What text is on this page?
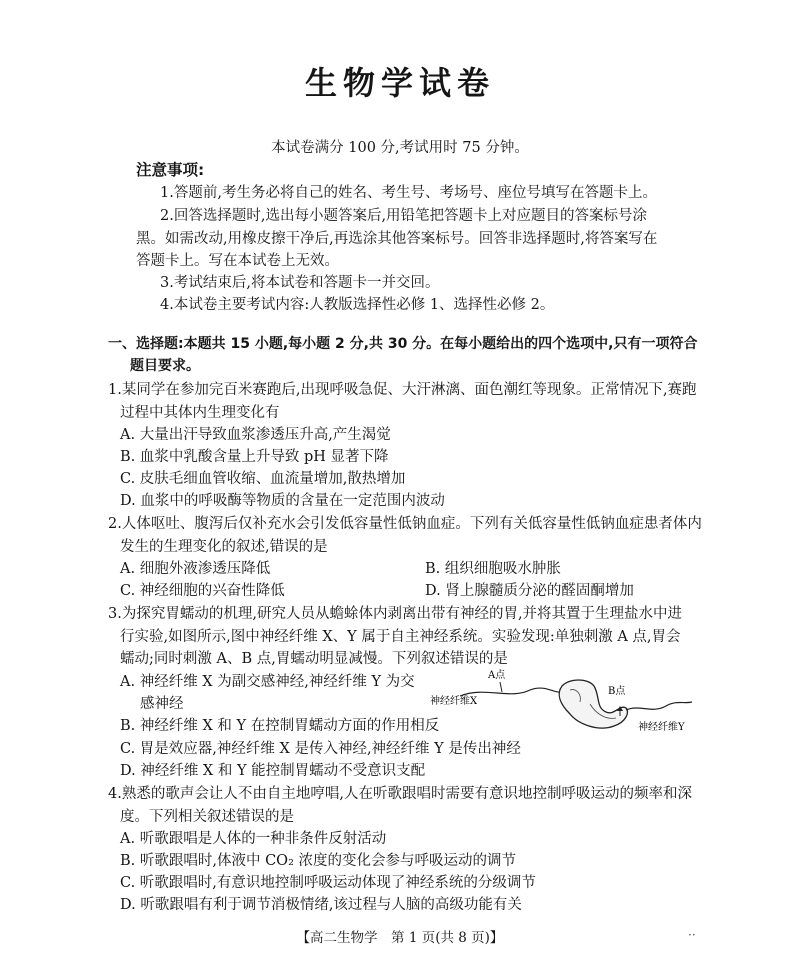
生物学试卷
本试卷满分 100 分,考试用时 75 分钟。
注意事项:
1.答题前,考生务必将自己的姓名、考生号、考场号、座位号填写在答题卡上。
2.回答选择题时,选出每小题答案后,用铅笔把答题卡上对应题目的答案标号涂
黑。如需改动,用橡皮擦干净后,再选涂其他答案标号。回答非选择题时,将答案写在
答题卡上。写在本试卷上无效。
3.考试结束后,将本试卷和答题卡一并交回。
4.本试卷主要考试内容:人教版选择性必修 1、选择性必修 2。
一、选择题:本题共 15 小题,每小题 2 分,共 30 分。在每小题给出的四个选项中,只有一项符合
题目要求。
1.某同学在参加完百米赛跑后,出现呼吸急促、大汗淋漓、面色潮红等现象。正常情况下,赛跑
过程中其体内生理变化有
A. 大量出汗导致血浆渗透压升高,产生渴觉
B. 血浆中乳酸含量上升导致 pH 显著下降
C. 皮肤毛细血管收缩、血流量增加,散热增加
D. 血浆中的呼吸酶等物质的含量在一定范围内波动
2.人体呕吐、腹泻后仅补充水会引发低容量性低钠血症。下列有关低容量性低钠血症患者体内
发生的生理变化的叙述,错误的是
A. 细胞外液渗透压降低	B. 组织细胞吸水肿胀
C. 神经细胞的兴奋性降低	D. 肾上腺髓质分泌的醛固酮增加
3.为探究胃蠕动的机理,研究人员从蟾蜍体内剥离出带有神经的胃,并将其置于生理盐水中进
行实验,如图所示,图中神经纤维 X、Y 属于自主神经系统。实验发现:单独刺激 A 点,胃会
蠕动;同时刺激 A、B 点,胃蠕动明显减慢。下列叙述错误的是
A. 神经纤维 X 为副交感神经,神经纤维 Y 为交
感神经
B. 神经纤维 X 和 Y 在控制胃蠕动方面的作用相反
C. 胃是效应器,神经纤维 X 是传入神经,神经纤维 Y 是传出神经
D. 神经纤维 X 和 Y 能控制胃蠕动不受意识支配
A点
B点
神经纤维X
神经纤维Y
4.熟悉的歌声会让人不由自主地哼唱,人在听歌跟唱时需要有意识地控制呼吸运动的频率和深
度。下列相关叙述错误的是
A. 听歌跟唱是人体的一种非条件反射活动
B. 听歌跟唱时,体液中 CO₂ 浓度的变化会参与呼吸运动的调节
C. 听歌跟唱时,有意识地控制呼吸运动体现了神经系统的分级调节
D. 听歌跟唱有利于调节消极情绪,该过程与人脑的高级功能有关
【高二生物学　第 1 页(共 8 页)】	··
